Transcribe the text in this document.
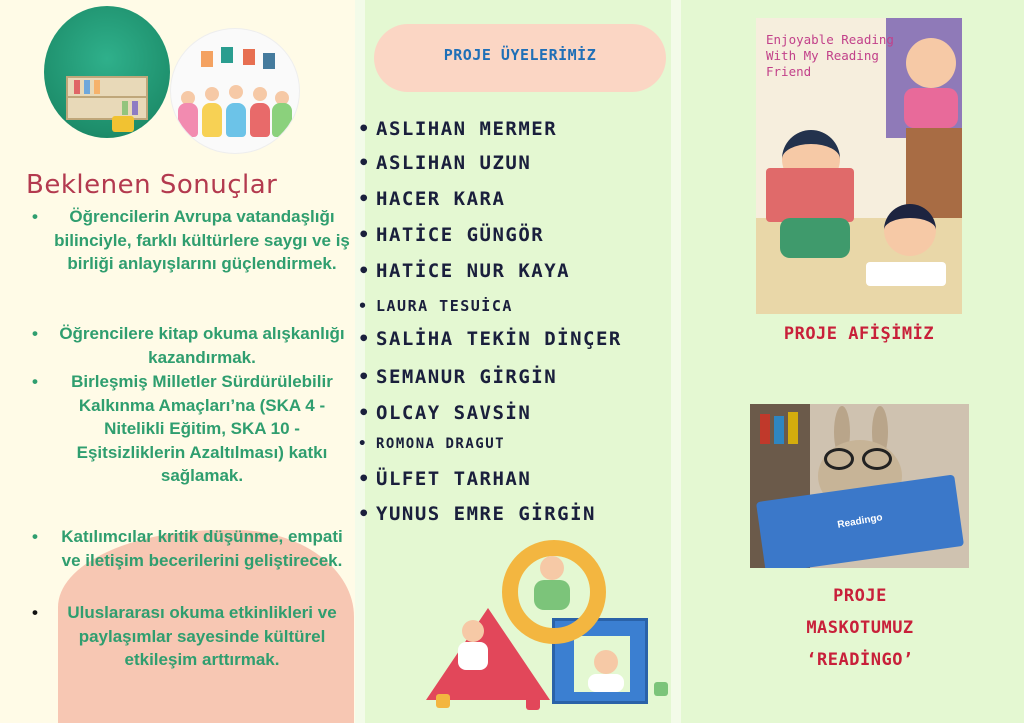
Beklenen Sonuçlar
• Öğrencilerin Avrupa vatandaşlığı bilinciyle, farklı kültürlere saygı ve iş birliği anlayışlarını güçlendirmek.
• Öğrencilere kitap okuma alışkanlığı kazandırmak.
• Birleşmiş Milletler Sürdürülebilir Kalkınma Amaçları’na (SKA 4 - Nitelikli Eğitim, SKA 10 - Eşitsizliklerin Azaltılması) katkı sağlamak.
• Katılımcılar kritik düşünme, empati ve iletişim becerilerini geliştirecek.
• Uluslararası okuma etkinlikleri ve paylaşımlar sayesinde kültürel etkileşim arttırmak.
PROJE ÜYELERİMİZ
• ASLIHAN MERMER
• ASLIHAN UZUN
• HACER KARA
• HATİCE GÜNGÖR
• HATİCE NUR KAYA
• LAURA TESUİCA
• SALİHA TEKİN DİNÇER
• SEMANUR GİRGİN
• OLCAY SAVSİN
• ROMONA DRAGUT
• ÜLFET TARHAN
• YUNUS EMRE GİRGİN
Enjoyable Reading With My Reading Friend
PROJE AFİŞİMİZ
Readingo
PROJE
MASKOTUMUZ
‘READİNGO’
